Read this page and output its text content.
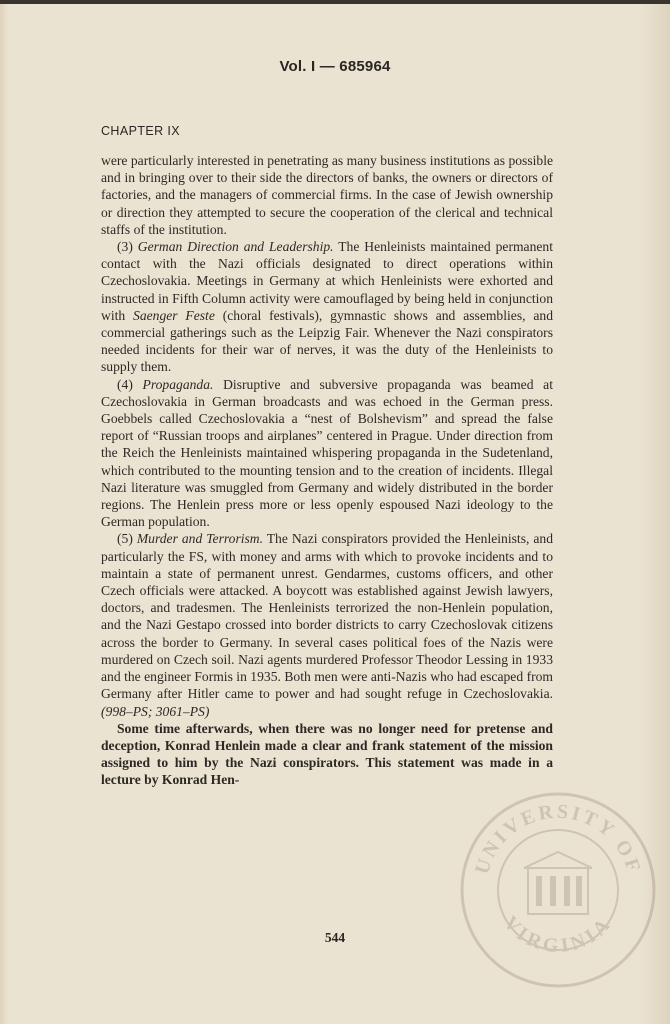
Vol. I — 685964
CHAPTER IX

were particularly interested in penetrating as many business institutions as possible and in bringing over to their side the directors of banks, the owners or directors of factories, and the managers of commercial firms. In the case of Jewish ownership or direction they attempted to secure the cooperation of the clerical and technical staffs of the institution.

(3) German Direction and Leadership. The Henleinists maintained permanent contact with the Nazi officials designated to direct operations within Czechoslovakia. Meetings in Germany at which Henleinists were exhorted and instructed in Fifth Column activity were camouflaged by being held in conjunction with Saenger Feste (choral festivals), gymnastic shows and assemblies, and commercial gatherings such as the Leipzig Fair. Whenever the Nazi conspirators needed incidents for their war of nerves, it was the duty of the Henleinists to supply them.

(4) Propaganda. Disruptive and subversive propaganda was beamed at Czechoslovakia in German broadcasts and was echoed in the German press. Goebbels called Czechoslovakia a “nest of Bolshevism” and spread the false report of “Russian troops and airplanes” centered in Prague. Under direction from the Reich the Henleinists maintained whispering propaganda in the Sudetenland, which contributed to the mounting tension and to the creation of incidents. Illegal Nazi literature was smuggled from Germany and widely distributed in the border regions. The Henlein press more or less openly espoused Nazi ideology to the German population.

(5) Murder and Terrorism. The Nazi conspirators provided the Henleinists, and particularly the FS, with money and arms with which to provoke incidents and to maintain a state of permanent unrest. Gendarmes, customs officers, and other Czech officials were attacked. A boycott was established against Jewish lawyers, doctors, and tradesmen. The Henleinists terrorized the non-Henlein population, and the Nazi Gestapo crossed into border districts to carry Czechoslovak citizens across the border to Germany. In several cases political foes of the Nazis were murdered on Czech soil. Nazi agents murdered Professor Theodor Lessing in 1933 and the engineer Formis in 1935. Both men were anti-Nazis who had escaped from Germany after Hitler came to power and had sought refuge in Czechoslovakia. (998–PS; 3061–PS)

Some time afterwards, when there was no longer need for pretense and deception, Konrad Henlein made a clear and frank statement of the mission assigned to him by the Nazi conspirators. This statement was made in a lecture by Konrad Hen-

544
UNIVERSITY OF
VIRGINIA
